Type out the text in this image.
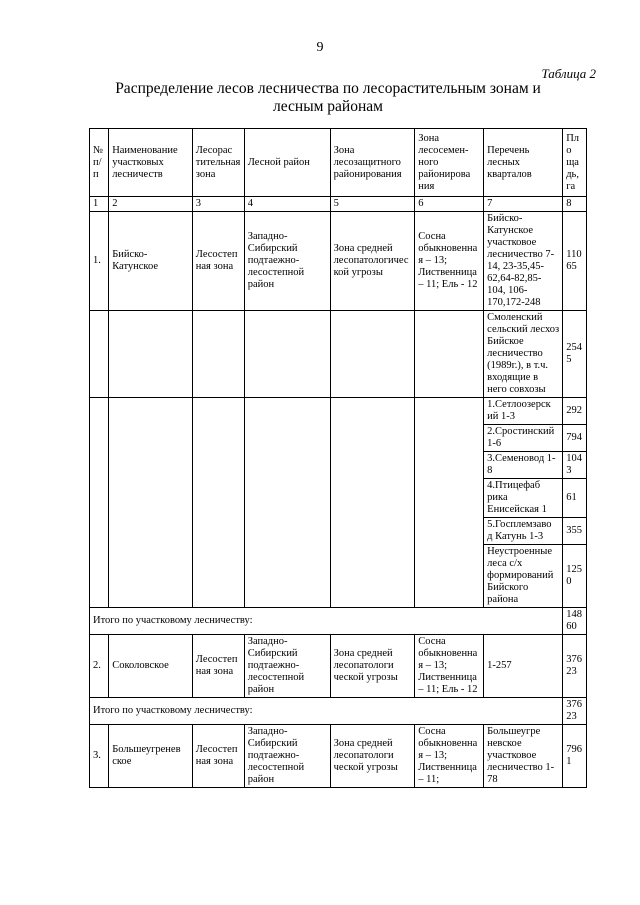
9
Таблица 2
Распределение лесов лесничества по лесорастительным зонам и лесным районам
№ п/п	Наименование участковых лесничеств	Лесорас тительная зона	Лесной район	Зона лесозащитного районирования	Зона лесосемен-ного районирова ния	Перечень лесных кварталов	Пло щадь, га
1	2	3	4	5	6	7	8
1.	Бийско-Катунское	Лесостеп ная зона	Западно-Сибирский подтаежно-лесостепной район	Зона средней лесопатологичес кой угрозы	Сосна обыкновенная – 13; Лиственница – 11; Ель - 12	Бийско-Катунское участковое лесничество 7-14, 23-35,45-62,64-82,85-104, 106-170,172-248	11065
						Смоленский сельский лесхоз Бийское лесничество (1989г.), в т.ч. входящие в него совхозы	2545
						1.Сетлоозерск ий 1-3	292
						2.Сростинский 1-6	794
						3.Семеновод 1-8	1043
						4.Птицефаб рика Енисейская 1	61
						5.Госплемзаво д Катунь 1-3	355
						Неустроенные леса с/х формирований Бийского района	1250
Итого по участковому лесничеству:							14860
2.	Соколовское	Лесостеп ная зона	Западно-Сибирский подтаежно-лесостепной район	Зона средней лесопатологи ческой угрозы	Сосна обыкновенная – 13; Лиственница – 11; Ель - 12	1-257	37623
Итого по участковому лесничеству:							37623
3.	Большеугренев ское	Лесостеп ная зона	Западно-Сибирский подтаежно-лесостепной район	Зона средней лесопатологи ческой угрозы	Сосна обыкновенная – 13; Лиственница – 11;	Большеугре невское участковое лесничество 1-78	7961
